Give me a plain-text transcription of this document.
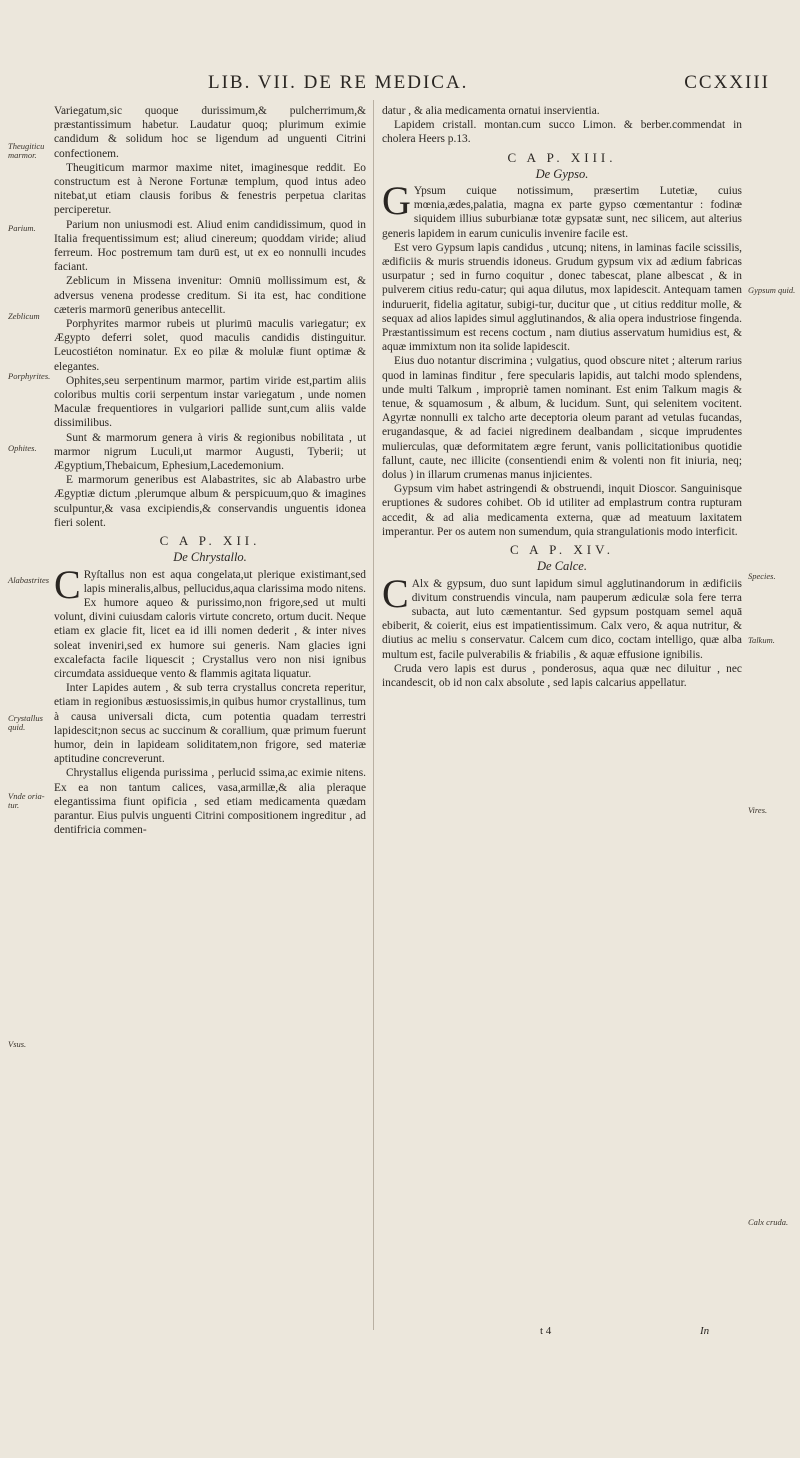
LIB. VII. DE RE MEDICA.	CCXXIII
Theugiticu marmor.
Parium.
Zeblicum
Porphyrites.
Ophites.
Alabastrites
Crystallus quid.
Vnde oria-tur.
Vsus.
Gypsum quid.
Species.
Talkum.
Vires.
Calx cruda.

Variegatum,sic quoque durissimum,& pulcherrimum,& præstantissimum habetur. Laudatur quoq; plurimum eximie candidum & solidum hoc se ligendum ad unguenti Citrini confectionem.

Theugiticum marmor maxime nitet, imaginesque reddit. Eo constructum est à Nerone Fortunæ templum, quod intus adeo nitebat,ut etiam clausis foribus & fenestris perpetua claritas perciperetur.

Parium non uniusmodi est. Aliud enim candidissimum, quod in Italia frequentissimum est; aliud cinereum; quoddam viride; aliud ferreum. Hoc postremum tam durū est, ut ex eo nonnulli incudes faciant.

Zeblicum in Missena invenitur: Omniū mollissimum est, & adversus venena prodesse creditum. Si ita est, hac conditione cæteris marmorū generibus antecellit.

Porphyrites marmor rubeis ut plurimū maculis variegatur; ex Ægypto deferri solet, quod maculis candidis distinguitur. Leucostiéton nominatur. Ex eo pilæ & molulæ fiunt optimæ & elegantes.

Ophites,seu serpentinum marmor, partim viride est,partim aliis coloribus multis corii serpentum instar variegatum , unde nomen Maculæ frequentiores in vulgariori pallide sunt,cum aliis valde dissimilibus.

Sunt & marmorum genera à viris & regionibus nobilitata , ut marmor nigrum Luculi,ut marmor Augusti, Tyberii; ut Ægyptium,Thebaicum, Ephesium,Lacedemonium.

E marmorum generibus est Alabastrites, sic ab Alabastro urbe Ægyptiæ dictum ,plerumque album & perspicuum,quo & imagines sculpuntur,& vasa excipiendis,& conservandis unguentis idonea fieri solent.

C A P. XII.
De Chrystallo.

C Ryſtallus non est aqua congelata,ut plerique existimant,sed lapis mineralis,albus, pellucidus,aqua clarissima modo nitens. Ex humore aqueo & purissimo,non frigore,sed ut multi volunt, divini cuiusdam caloris virtute concreto, ortum ducit. Neque etiam ex glacie fit, licet ea id illi nomen dederit , & inter nives soleat inveniri,sed ex humore sui generis. Nam glacies igni excalefacta facile liquescit ; Crystallus vero non nisi ignibus circumdata assidueque vento & flammis agitata liquatur.

Inter Lapides autem , & sub terra crystallus concreta reperitur, etiam in regionibus æstuosissimis,in quibus humor crystallinus, tum à causa universali dicta, cum potentia quadam terrestri lapidescit;non secus ac succinum & corallium, quæ primum fuerunt humor, dein in lapideam soliditatem,non frigore, sed materiæ aptitudine concreverunt.

Chrystallus eligenda purissima , perlucid ssima,ac eximie nitens. Ex ea non tantum calices, vasa,armillæ,& alia pleraque elegantissima fiunt opificia , sed etiam medicamenta quædam parantur. Eius pulvis unguenti Citrini compositionem ingreditur , ad dentifricia commen-

datur , & alia medicamenta ornatui inservientia.

Lapidem cristall. montan.cum succo Limon. & berber.commendat in cholera Heers p.13.

C A P. XIII.
De Gypso.

G Ypsum cuique notissimum, præsertim Lutetiæ, cuius mœnia,ædes,palatia, magna ex parte gypso cœmentantur : fodinæ siquidem illius suburbianæ totæ gypsatæ sunt, nec silicem, aut alterius generis lapidem in earum cuniculis invenire facile est.

Est vero Gypsum lapis candidus , utcunq; nitens, in laminas facile scissilis, ædificiis & muris struendis idoneus. Grudum gypsum vix ad ædium fabricas usurpatur ; sed in furno coquitur , donec tabescat, plane albescat , & in pulverem citius redu-catur; qui aqua dilutus, mox lapidescit. Antequam tamen induruerit, fidelia agitatur, subigi-tur, ducitur que , ut citius redditur molle, & sequax ad alios lapides simul agglutinandos, & alia opera industriose fingenda. Præstantissimum est recens coctum , nam diutius asservatum humidius est, & aquæ immixtum non ita solide lapidescit.

Eius duo notantur discrimina ; vulgatius, quod obscure nitet ; alterum rarius quod in laminas finditur , fere specularis lapidis, aut talchi modo splendens, unde multi Talkum , impropriè tamen nominant. Est enim Talkum magis & tenue, & squamosum , & album, & lucidum. Sunt, qui selenitem vocitent. Agyrtæ nonnulli ex talcho arte deceptoria oleum parant ad vetulas fucandas, erugandasque, & ad faciei nigredinem dealbandam , sicque imprudentes mulierculas, quæ deformitatem ægre ferunt, vanis pollicitationibus quotidie fallunt, caute, nec illicite (consentiendi enim & volenti non fit iniuria, neq; dolus ) in illarum crumenas manus injicientes.

Gypsum vim habet astringendi & obstruendi, inquit Dioscor. Sanguinisque eruptiones & sudores cohibet. Ob id utiliter ad emplastrum contra rupturam accedit, & ad alia medicamenta externa, quæ ad meatuum laxitatem imperantur. Per os autem non sumendum, quia strangulationis modo interficit.

C A P. XIV.
De Calce.

C Alx & gypsum, duo sunt lapidum simul agglutinandorum in ædificiis divitum construendis vincula, nam pauperum ædiculæ sola fere terra subacta, aut luto cæmentantur. Sed gypsum postquam semel aquā ebiberit, & coierit, eius est impatientissimum. Calx vero, & aqua nutritur, & diutius ac meliu s conservatur. Calcem cum dico, coctam intelligo, quæ alba multum est, facile pulverabilis & friabilis , & aquæ effusione ignibilis.

Cruda vero lapis est durus , ponderosus, aqua quæ nec diluitur , nec incandescit, ob id non calx absolute , sed lapis calcarius appellatur.

t 4	In
